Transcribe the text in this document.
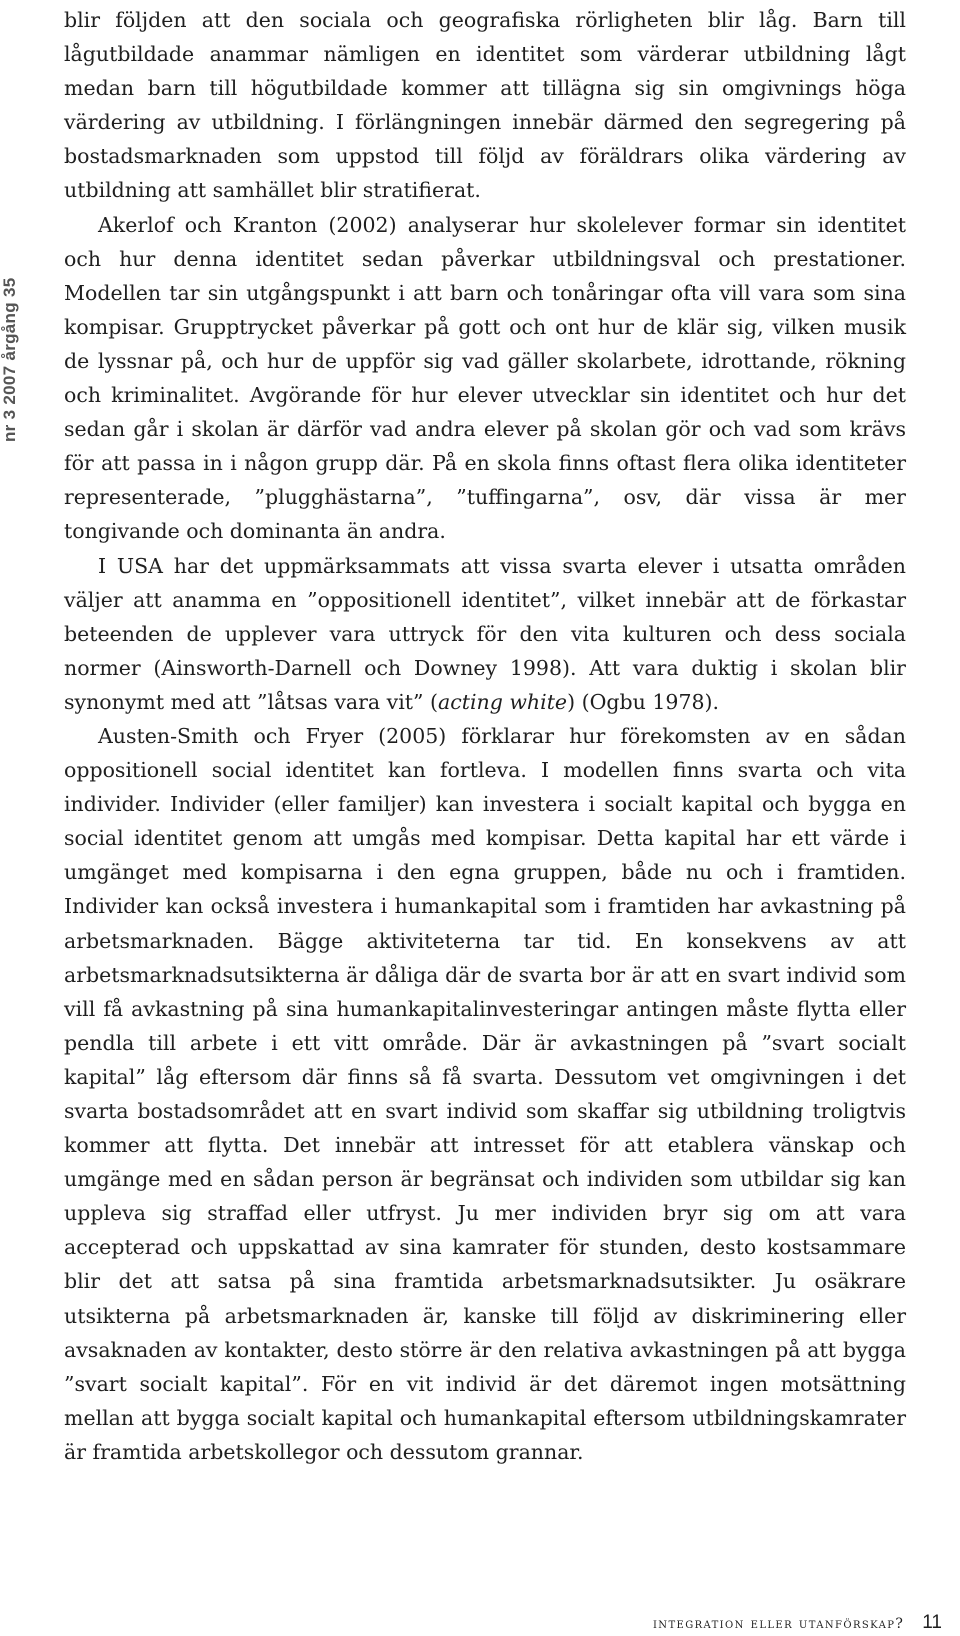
nr 3 2007 årgång 35

blir följden att den sociala och geografiska rörligheten blir låg. Barn till lågutbildade anammar nämligen en identitet som värderar utbildning lågt medan barn till högutbildade kommer att tillägna sig sin omgivnings höga värdering av utbildning. I förlängningen innebär därmed den segregering på bostadsmarknaden som uppstod till följd av föräldrars olika värdering av utbildning att samhället blir stratifierat.

Akerlof och Kranton (2002) analyserar hur skolelever formar sin identitet och hur denna identitet sedan påverkar utbildningsval och prestationer. Modellen tar sin utgångspunkt i att barn och tonåringar ofta vill vara som sina kompisar. Grupptrycket påverkar på gott och ont hur de klär sig, vilken musik de lyssnar på, och hur de uppför sig vad gäller skolarbete, idrottande, rökning och kriminalitet. Avgörande för hur elever utvecklar sin identitet och hur det sedan går i skolan är därför vad andra elever på skolan gör och vad som krävs för att passa in i någon grupp där. På en skola finns oftast flera olika identiteter representerade, ”plugghästarna”, ”tuffingarna”, osv, där vissa är mer tongivande och dominanta än andra.

I USA har det uppmärksammats att vissa svarta elever i utsatta områden väljer att anamma en ”oppositionell identitet”, vilket innebär att de förkastar beteenden de upplever vara uttryck för den vita kulturen och dess sociala normer (Ainsworth-Darnell och Downey 1998). Att vara duktig i skolan blir synonymt med att ”låtsas vara vit” (acting white) (Ogbu 1978).

Austen-Smith och Fryer (2005) förklarar hur förekomsten av en sådan oppositionell social identitet kan fortleva. I modellen finns svarta och vita individer. Individer (eller familjer) kan investera i socialt kapital och bygga en social identitet genom att umgås med kompisar. Detta kapital har ett värde i umgänget med kompisarna i den egna gruppen, både nu och i framtiden. Individer kan också investera i humankapital som i framtiden har avkastning på arbetsmarknaden. Bägge aktiviteterna tar tid. En konsekvens av att arbetsmarknadsutsikterna är dåliga där de svarta bor är att en svart individ som vill få avkastning på sina humankapitalinvesteringar antingen måste flytta eller pendla till arbete i ett vitt område. Där är avkastningen på ”svart socialt kapital” låg eftersom där finns så få svarta. Dessutom vet omgivningen i det svarta bostadsområdet att en svart individ som skaffar sig utbildning troligtvis kommer att flytta. Det innebär att intresset för att etablera vänskap och umgänge med en sådan person är begränsat och individen som utbildar sig kan uppleva sig straffad eller utfryst. Ju mer individen bryr sig om att vara accepterad och uppskattad av sina kamrater för stunden, desto kostsammare blir det att satsa på sina framtida arbetsmarknadsutsikter. Ju osäkrare utsikterna på arbetsmarknaden är, kanske till följd av diskriminering eller avsaknaden av kontakter, desto större är den relativa avkastningen på att bygga ”svart socialt kapital”. För en vit individ är det däremot ingen motsättning mellan att bygga socialt kapital och humankapital eftersom utbildningskamrater är framtida arbetskollegor och dessutom grannar.

integration eller utanförskap? 11
